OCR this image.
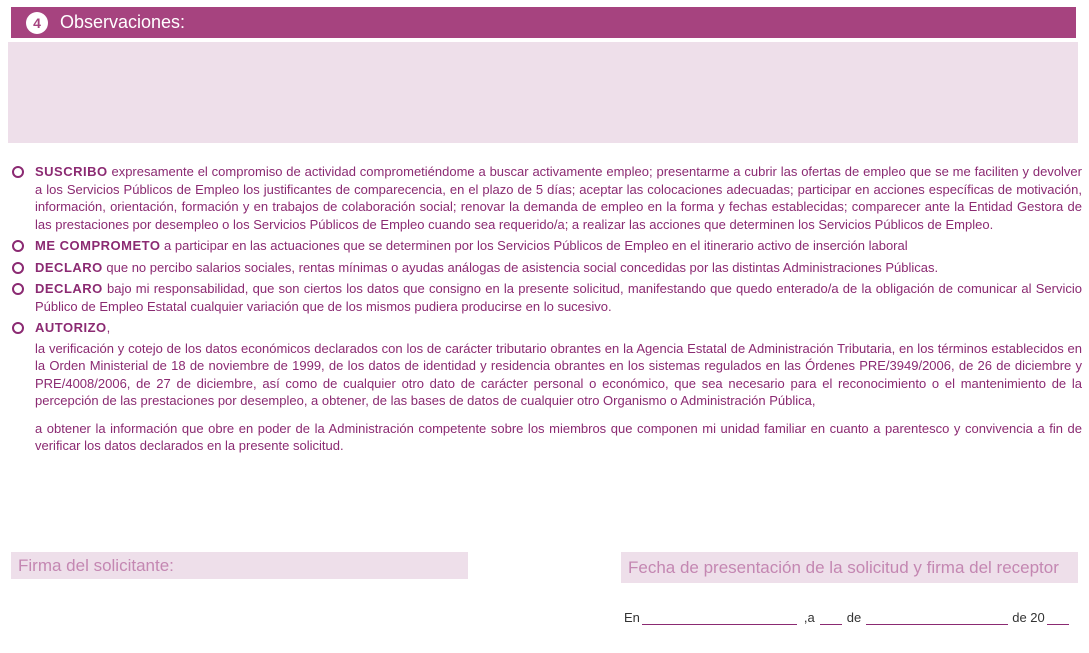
4	Observaciones:

SUSCRIBO expresamente el compromiso de actividad comprometiéndome a buscar activamente empleo; presentarme a cubrir las ofertas de empleo que se me faciliten y devolver a los Servicios Públicos de Empleo los justificantes de comparecencia, en el plazo de 5 días; aceptar las colocaciones adecuadas; participar en acciones específicas de motivación, información, orientación, formación y en trabajos de colaboración social; renovar la demanda de empleo en la forma y fechas establecidas; comparecer ante la Entidad Gestora de las prestaciones por desempleo o los Servicios Públicos de Empleo cuando sea requerido/a; a realizar las acciones que determinen los Servicios Públicos de Empleo.

ME COMPROMETO a participar en las actuaciones que se determinen por los Servicios Públicos de Empleo en el itinerario activo de inserción laboral

DECLARO que no percibo salarios sociales, rentas mínimas o ayudas análogas de asistencia social concedidas por las distintas Administraciones Públicas.

DECLARO bajo mi responsabilidad, que son ciertos los datos que consigno en la presente solicitud, manifestando que quedo enterado/a de la obligación de comunicar al Servicio Público de Empleo Estatal cualquier variación que de los mismos pudiera producirse en lo sucesivo.

AUTORIZO,

la verificación y cotejo de los datos económicos declarados con los de carácter tributario obrantes en la Agencia Estatal de Administración Tributaria, en los términos establecidos en la Orden Ministerial de 18 de noviembre de 1999, de los datos de identidad y residencia obrantes en los sistemas regulados en las Órdenes PRE/3949/2006, de 26 de diciembre y PRE/4008/2006, de 27 de diciembre, así como de cualquier otro dato de carácter personal o económico, que sea necesario para el reconocimiento o el mantenimiento de la percepción de las prestaciones por desempleo, a obtener, de las bases de datos de cualquier otro Organismo o Administración Pública,

a obtener la información que obre en poder de la Administración competente sobre los miembros que componen mi unidad familiar en cuanto a parentesco y convivencia a fin de verificar los datos declarados en la presente solicitud.

Firma del solicitante:	Fecha de presentación de la solicitud y firma del receptor
En	,a de	de 20
